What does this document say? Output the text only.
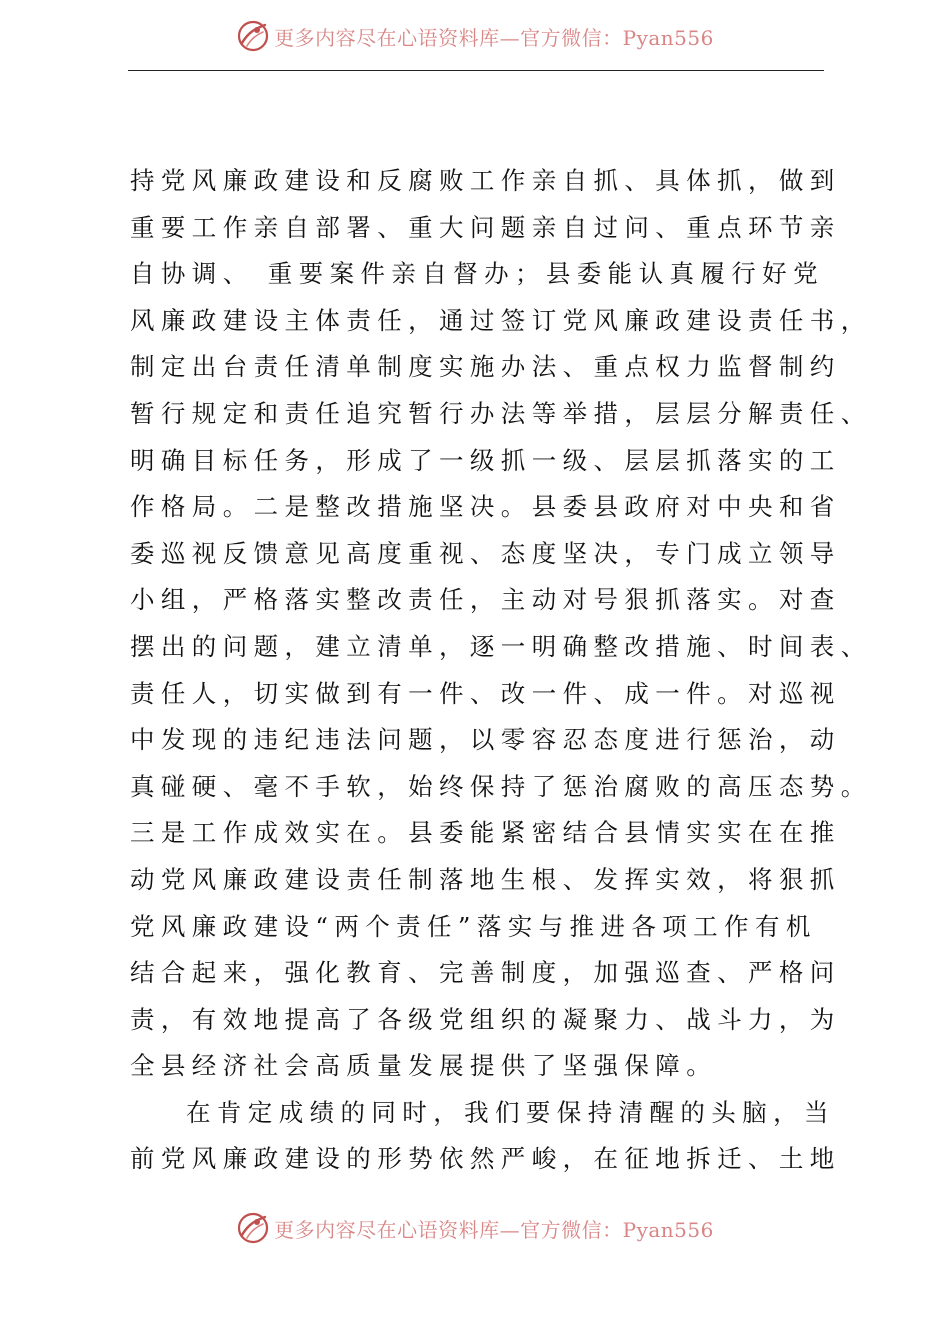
更多内容尽在心语资料库—官方微信：Pyan556
持党风廉政建设和反腐败工作亲自抓、具体抓，做到
重要工作亲自部署、重大问题亲自过问、重点环节亲
自协调、 重要案件亲自督办；县委能认真履行好党
风廉政建设主体责任，通过签订党风廉政建设责任书，
制定出台责任清单制度实施办法、重点权力监督制约
暂行规定和责任追究暂行办法等举措，层层分解责任、
明确目标任务，形成了一级抓一级、层层抓落实的工
作格局。二是整改措施坚决。县委县政府对中央和省
委巡视反馈意见高度重视、态度坚决，专门成立领导
小组，严格落实整改责任，主动对号狠抓落实。对查
摆出的问题，建立清单，逐一明确整改措施、时间表、
责任人，切实做到有一件、改一件、成一件。对巡视
中发现的违纪违法问题，以零容忍态度进行惩治，动
真碰硬、毫不手软，始终保持了惩治腐败的高压态势。
三是工作成效实在。县委能紧密结合县情实实在在推
动党风廉政建设责任制落地生根、发挥实效，将狠抓
党风廉政建设“两个责任”落实与推进各项工作有机
结合起来，强化教育、完善制度，加强巡查、严格问
责，有效地提高了各级党组织的凝聚力、战斗力，为
全县经济社会高质量发展提供了坚强保障。
在肯定成绩的同时，我们要保持清醒的头脑，当
前党风廉政建设的形势依然严峻，在征地拆迁、土地
更多内容尽在心语资料库—官方微信：Pyan556
